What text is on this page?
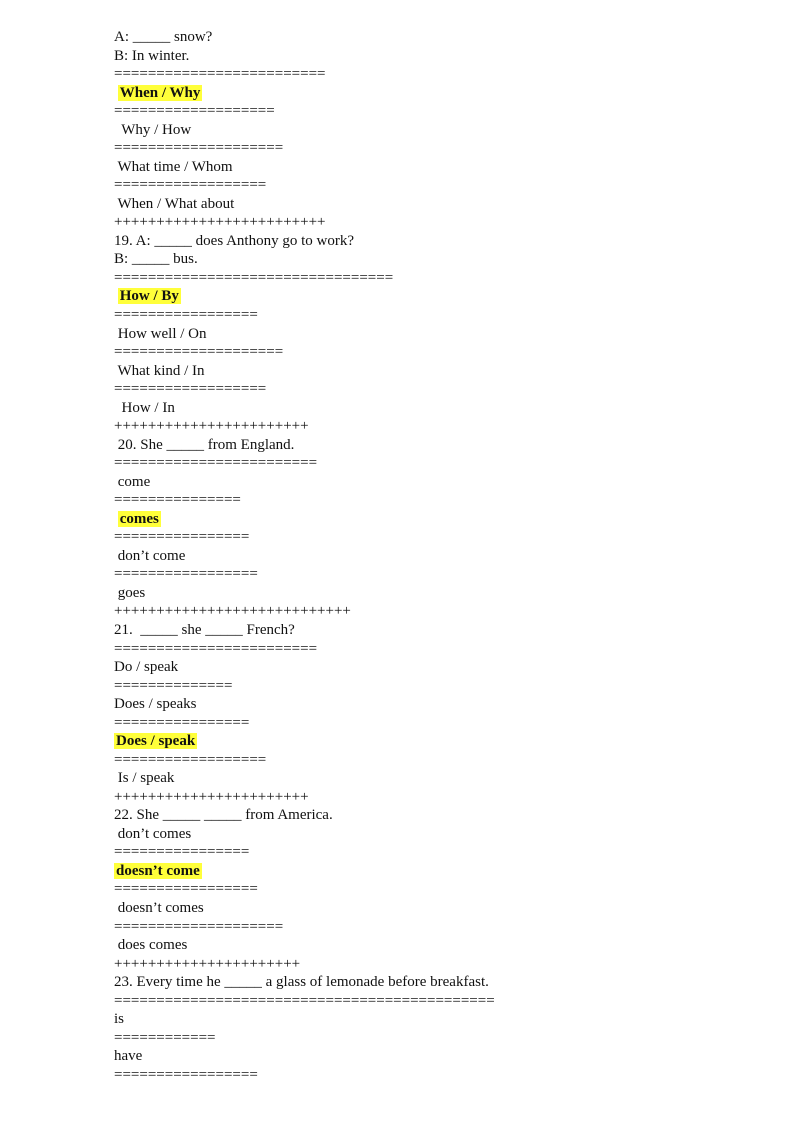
A: _____ snow?
B: In winter.
=========================
When / Why
===================
Why / How
====================
What time / Whom
==================
When / What about
+++++++++++++++++++++++++
19. A: _____ does Anthony go to work?
B: _____ bus.
=================================
How / By
=================
How well / On
====================
What kind / In
==================
How / In
+++++++++++++++++++++++
20. She _____ from England.
========================
come
===============
comes
================
don’t come
=================
goes
++++++++++++++++++++++++++++
21.  _____ she _____ French?
========================
Do / speak
==============
Does / speaks
================
Does / speak
==================
Is / speak
+++++++++++++++++++++++
22. She _____ _____ from America.
don’t comes
================
doesn’t come
=================
doesn’t comes
====================
does comes
++++++++++++++++++++++
23. Every time he _____ a glass of lemonade before breakfast.
=============================================
is
============
have
=================
